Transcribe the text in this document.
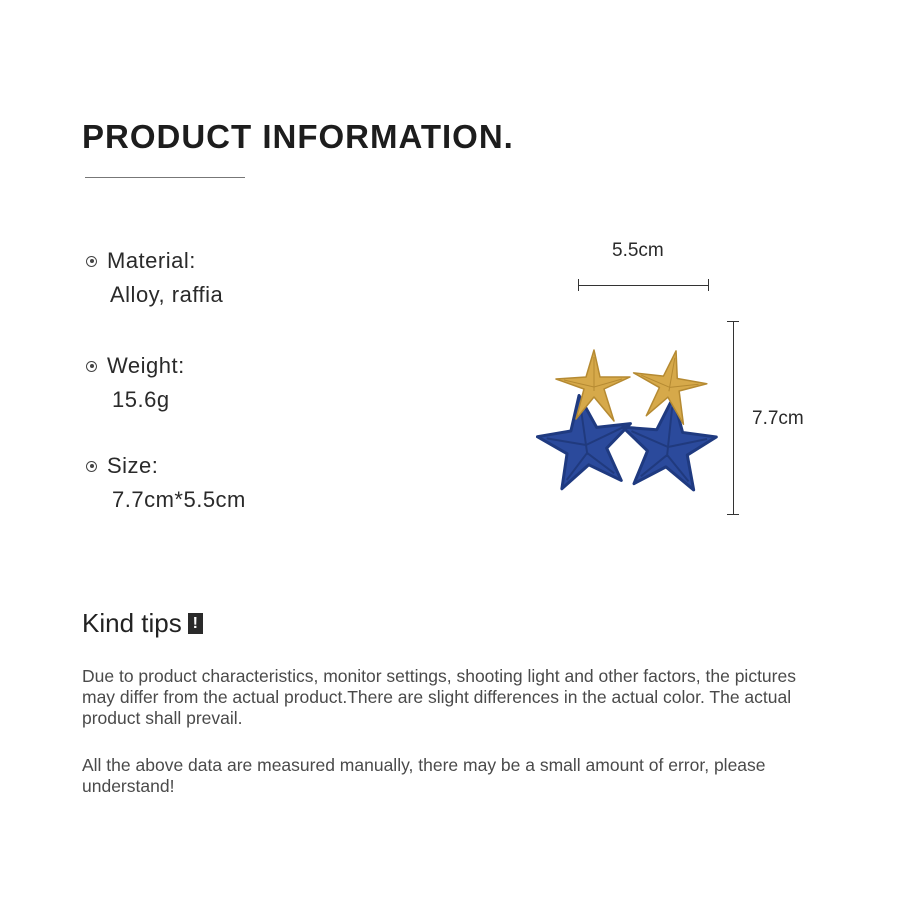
PRODUCT INFORMATION.
Material:
Alloy, raffia
Weight:
15.6g
Size:
7.7cm*5.5cm
5.5cm
7.7cm
Kind tips !

Due to product characteristics, monitor settings, shooting light and other factors, the pictures may differ from the actual product.There are slight differences in the actual color. The actual product shall prevail.

All the above data are measured manually, there may be a small amount of error, please understand!
